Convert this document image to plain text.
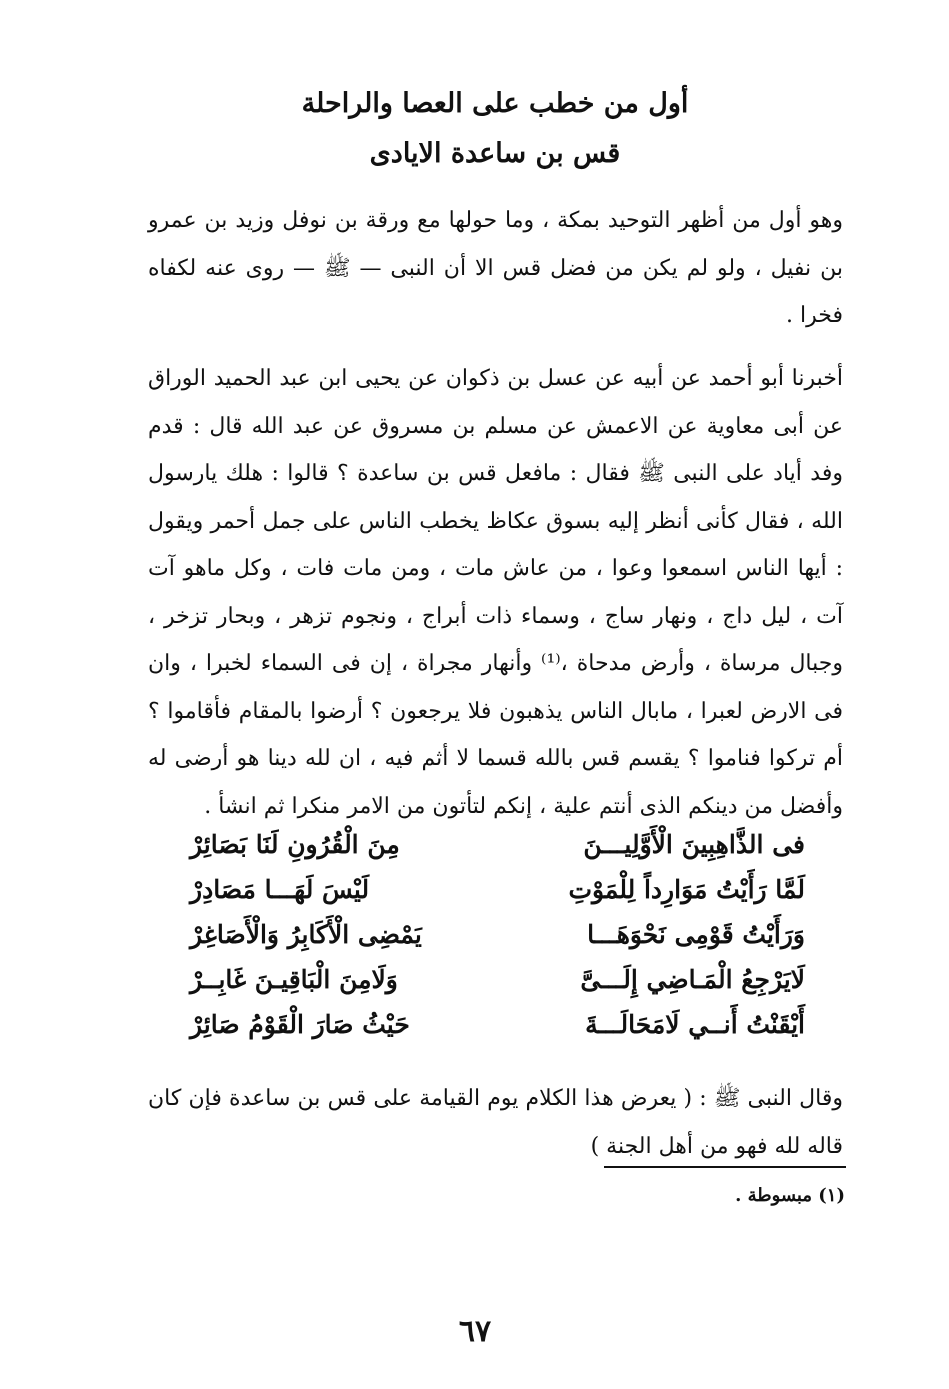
أول من خطب على العصا والراحلة
قس بن ساعدة الايادى

وهو أول من أظهر التوحيد بمكة ، وما حولها مع ورقة بن نوفل وزيد بن عمرو بن نفيل ، ولو لم يكن من فضل قس الا أن النبى — ﷺ — روى عنه لكفاه فخرا .

أخبرنا أبو أحمد عن أبيه عن عسل بن ذكوان عن يحيى ابن عبد الحميد الوراق عن أبى معاوية عن الاعمش عن مسلم بن مسروق عن عبد الله قال : قدم وفد أياد على النبى ﷺ فقال : مافعل قس بن ساعدة ؟ قالوا : هلك يارسول الله ، فقال كأنى أنظر إليه بسوق عكاظ يخطب الناس على جمل أحمر ويقول : أيها الناس اسمعوا وعوا ، من عاش مات ، ومن مات فات ، وكل ماهو آت آت ، ليل داج ، ونهار ساج ، وسماء ذات أبراج ، ونجوم تزهر ، وبحار تزخر ، وجبال مرساة ، وأرض مدحاة ،⁽¹⁾ وأنهار مجراة ، إن فى السماء لخبرا ، وان فى الارض لعبرا ، مابال الناس يذهبون فلا يرجعون ؟ أرضوا بالمقام فأقاموا ؟ أم تركوا فناموا ؟ يقسم قس بالله قسما لا أثم فيه ، ان لله دينا هو أرضى له وأفضل من دينكم الذى أنتم علية ، إنكم لتأتون من الامر منكرا ثم انشأ .

فى الذَّاهِبِينَ الْأَوَّلِيـــنَ
مِنَ الْقُرُونِ لَنَا بَصَائِرْ
لَمَّا رَأَيْتُ مَوَارِداً لِلْمَوْتِ
لَيْسَ لَهَـــا مَصَادِرْ
وَرَأَيْتُ قَوْمِى نَحْوَهَـــا
يَمْضِى الْأَكَابِرُ وَالْأَصَاغِرْ
لَايَرْجِعُ الْمَـاضِي إِلَـــىَّ
وَلَامِنَ الْبَاقِيـنَ غَابِــرْ
أَيْقَنْتُ أَنــي لَامَحَالَـــةَ
حَيْثُ صَارَ الْقَوْمُ صَائِرْ

وقال النبى ﷺ : ( يعرض هذا الكلام يوم القيامة على قس بن ساعدة فإن كان قاله لله فهو من أهل الجنة )

(١) مبسوطة .
٦٧
